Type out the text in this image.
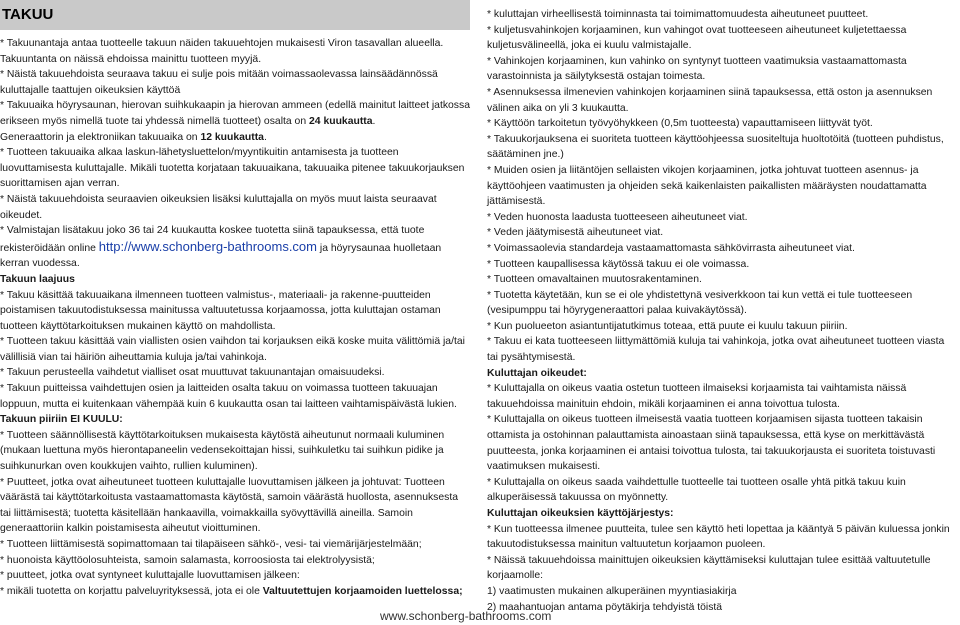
TAKUU

* Takuunantaja antaa tuotteelle takuun näiden takuuehtojen mukaisesti Viron tasavallan alueella. Takuuntanta on näissä ehdoissa mainittu tuotteen myyjä.

* Näistä takuuehdoista seuraava takuu ei sulje pois mitään voimassaolevassa lainsäädännössä kuluttajalle taattujen oikeuksien käyttöä

* Takuuaika höyrysaunan, hierovan suihkukaapin ja hierovan ammeen (edellä mainitut laitteet jatkossa erikseen myös nimellä tuote tai yhdessä nimellä tuotteet) osalta on 24 kuukautta.

Generaattorin ja elektroniikan takuuaika on 12 kuukautta.

* Tuotteen takuuaika alkaa laskun-lähetysluettelon/myyntikuitin antamisesta ja tuotteen luovuttamisesta kuluttajalle. Mikäli tuotetta korjataan takuuaikana, takuuaika pitenee takuukorjauksen suorittamisen ajan verran.

* Näistä takuuehdoista seuraavien oikeuksien lisäksi kuluttajalla on myös muut laista seuraavat oikeudet.

* Valmistajan lisätakuu joko 36 tai 24 kuukautta koskee tuotetta siinä tapauksessa, että tuote rekisteröidään online http://www.schonberg-bathrooms.com ja höyrysaunaa huolletaan kerran vuodessa.

Takuun laajuus

* Takuu käsittää takuuaikana ilmenneen tuotteen valmistus-, materiaali- ja rakenne-puutteiden poistamisen takuutodistuksessa mainitussa valtuutetussa korjaamossa, jotta kuluttajan ostaman tuotteen käyttötarkoituksen mukainen käyttö on mahdollista.

* Tuotteen takuu käsittää vain viallisten osien vaihdon tai korjauksen eikä koske muita välittömiä ja/tai välillisiä vian tai häiriön aiheuttamia kuluja ja/tai vahinkoja.

* Takuun perusteella vaihdetut vialliset osat muuttuvat takuunantajan omaisuudeksi.

* Takuun puitteissa vaihdettujen osien ja laitteiden osalta takuu on voimassa tuotteen takuuajan loppuun, mutta ei kuitenkaan vähempää kuin 6 kuukautta osan tai laitteen vaihtamispäivästä lukien.

Takuun piiriin EI KUULU:

* Tuotteen säännöllisestä käyttötarkoituksen mukaisesta käytöstä aiheutunut normaali kuluminen (mukaan luettuna myös hierontapaneelin vedensekoittajan hissi, suihkuletku tai suihkun pidike ja suihkunurkan oven koukkujen vaihto, rullien kuluminen).

* Puutteet, jotka ovat aiheutuneet tuotteen kuluttajalle luovuttamisen jälkeen ja johtuvat: Tuotteen väärästä tai käyttötarkoitusta vastaamattomasta käytöstä, samoin väärästä huollosta, asennuksesta tai liittämisestä; tuotetta käsitellään hankaavilla, voimakkailla syövyttävillä aineilla. Samoin generaattoriin kalkin poistamisesta aiheutut vioittuminen.

* Tuotteen liittämisestä sopimattomaan tai tilapäiseen sähkö-, vesi- tai viemärijärjestelmään;

* huonoista käyttöolosuhteista, samoin salamasta, korroosiosta tai elektrolyysistä;

* puutteet, jotka ovat syntyneet kuluttajalle luovuttamisen jälkeen:

* mikäli tuotetta on korjattu palveluyrityksessä, jota ei ole Valtuutettujen korjaamoiden luettelossa;

* kuluttajan virheellisestä toiminnasta tai toimimattomuudesta aiheutuneet puutteet.

* kuljetusvahinkojen korjaaminen, kun vahingot ovat tuotteeseen aiheutuneet kuljetettaessa kuljetusvälineellä, joka ei kuulu valmistajalle.

* Vahinkojen korjaaminen, kun vahinko on syntynyt tuotteen vaatimuksia vastaamattomasta varastoinnista ja säilytyksestä ostajan toimesta.

* Asennuksessa ilmenevien vahinkojen korjaaminen siinä tapauksessa, että oston ja asennuksen välinen aika on yli 3 kuukautta.

* Käyttöön tarkoitetun työvyöhykkeen (0,5m tuotteesta) vapauttamiseen liittyvät työt.

* Takuukorjauksena ei suoriteta tuotteen käyttöohjeessa suositeltuja huoltotöitä (tuotteen puhdistus, säätäminen jne.)

* Muiden osien ja liitäntöjen sellaisten vikojen korjaaminen, jotka johtuvat tuotteen asennus- ja käyttöohjeen vaatimusten ja ohjeiden sekä kaikenlaisten paikallisten määräysten noudattamatta jättämisestä.

* Veden huonosta laadusta tuotteeseen aiheutuneet viat.

* Veden jäätymisestä aiheutuneet viat.

* Voimassaolevia standardeja vastaamattomasta sähkövirrasta aiheutuneet viat.

* Tuotteen kaupallisessa käytössä takuu ei ole voimassa.

* Tuotteen omavaltainen muutosrakentaminen.

* Tuotetta käytetään, kun se ei ole yhdistettynä vesiverkkoon tai kun vettä ei tule tuotteeseen (vesipumppu tai höyrygeneraattori palaa kuivakäytössä).

* Kun puolueeton asiantuntijatutkimus toteaa, että puute ei kuulu takuun piiriin.

* Takuu ei kata tuotteeseen liittymättömiä kuluja tai vahinkoja, jotka ovat aiheutuneet tuotteen viasta tai pysähtymisestä.

Kuluttajan oikeudet:

* Kuluttajalla on oikeus vaatia ostetun tuotteen ilmaiseksi korjaamista tai vaihtamista näissä takuuehdoissa mainituin ehdoin, mikäli korjaaminen ei anna toivottua tulosta.

* Kuluttajalla on oikeus tuotteen ilmeisestä vaatia tuotteen korjaamisen sijasta tuotteen takaisin ottamista ja ostohinnan palauttamista ainoastaan siinä tapauksessa, että kyse on merkittävästä puutteesta, jonka korjaaminen ei antaisi toivottua tulosta, tai takuukorjausta ei suoriteta toistuvasti vaatimuksen mukaisesti.

* Kuluttajalla on oikeus saada vaihdettulle tuotteelle tai tuotteen osalle yhtä pitkä takuu kuin alkuperäisessä takuussa on myönnetty.

Kuluttajan oikeuksien käyttöjärjestys:

* Kun tuotteessa ilmenee puutteita, tulee sen käyttö heti lopettaa ja kääntyä 5 päivän kuluessa jonkin takuutodistuksessa mainitun valtuutetun korjaamon puoleen.

* Näissä takuuehdoissa mainittujen oikeuksien käyttämiseksi kuluttajan tulee esittää valtuutetulle korjaamolle:

1) vaatimusten mukainen alkuperäinen myyntiasiakirja

2) maahantuojan antama pöytäkirja tehdyistä töistä

www.schonberg-bathrooms.com
